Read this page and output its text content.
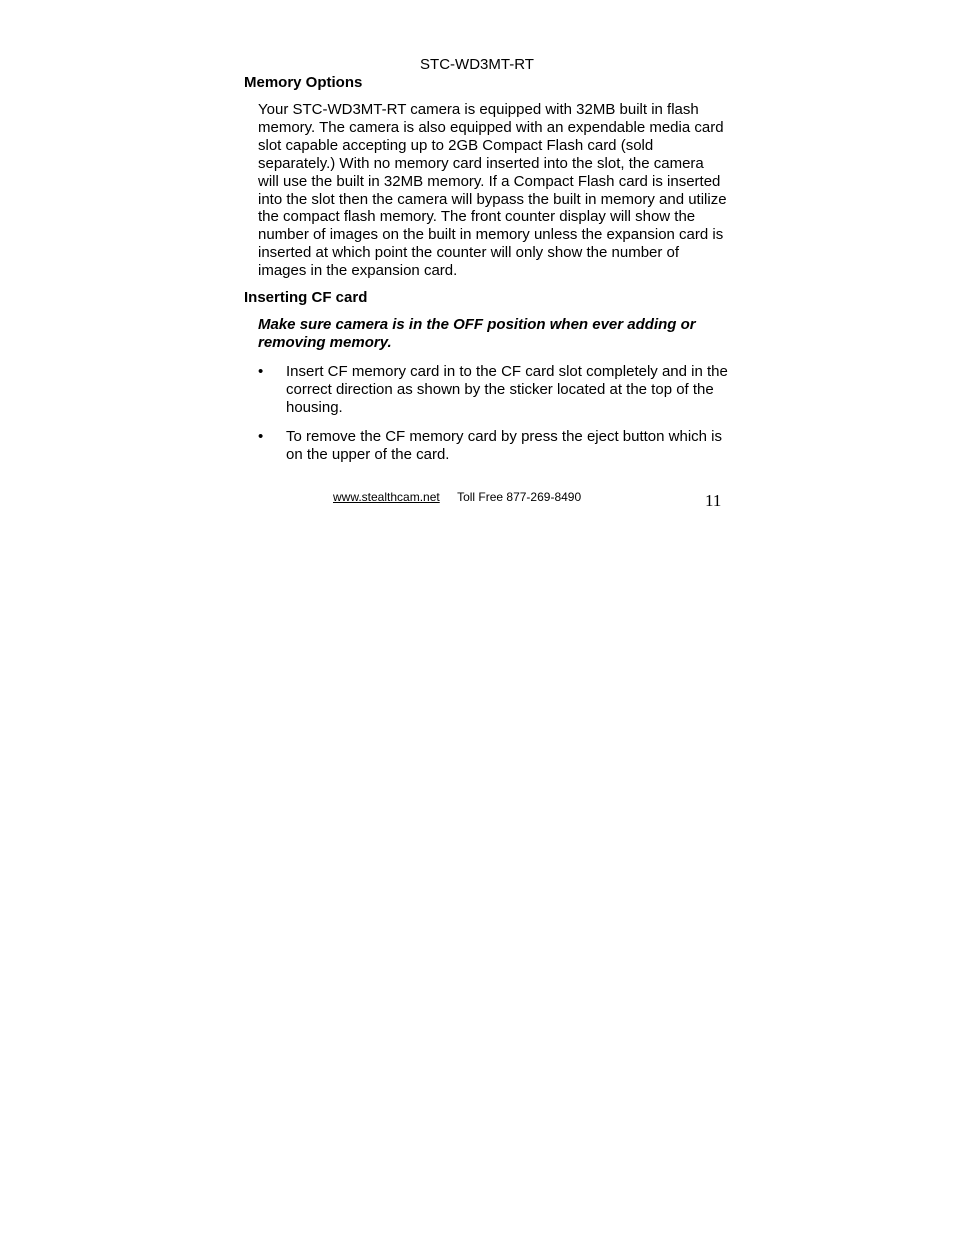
STC-WD3MT-RT
Memory Options

Your STC-WD3MT-RT camera is equipped with 32MB built in flash memory. The camera is also equipped with an expendable media card slot capable accepting up to 2GB Compact Flash card (sold separately.) With no memory card inserted into the slot, the camera will use the built in 32MB memory. If a Compact Flash card is inserted into the slot then the camera will bypass the built in memory and utilize the compact flash memory. The front counter display will show the number of images on the built in memory unless the expansion card is inserted at which point the counter will only show the number of images in the expansion card.

Inserting CF card

Make sure camera is in the OFF position when ever adding or removing memory.

•	Insert CF memory card in to the CF card slot completely and in the correct direction as shown by the sticker located at the top of the housing.
•	To remove the CF memory card by press the eject button which is on the upper of the card.
www.stealthcam.net Toll Free 877-269-8490	11
